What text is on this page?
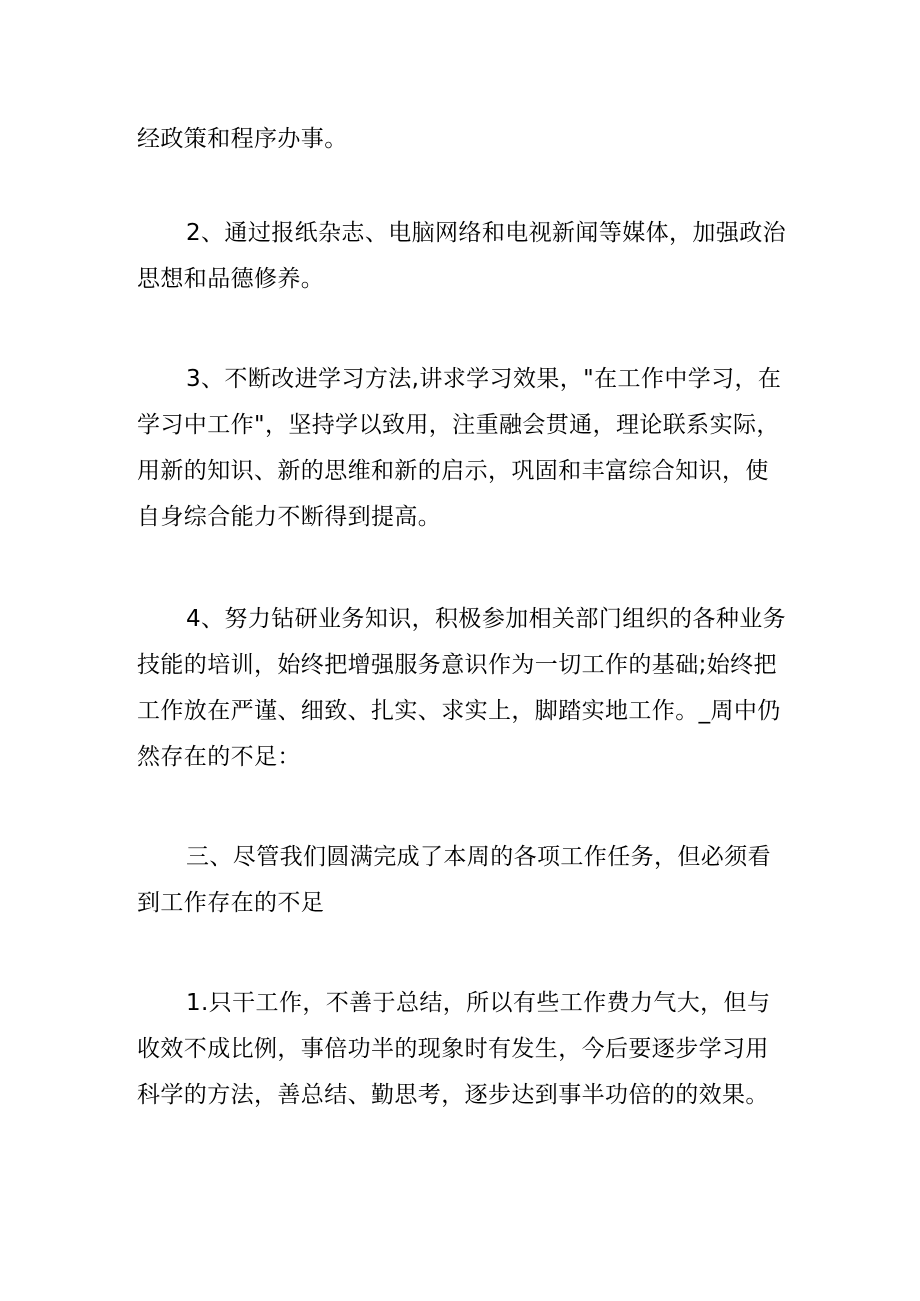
经政策和程序办事。
2、通过报纸杂志、电脑网络和电视新闻等媒体，加强政治
思想和品德修养。
3、不断改进学习方法,讲求学习效果，"在工作中学习，在
学习中工作"，坚持学以致用，注重融会贯通，理论联系实际，
用新的知识、新的思维和新的启示，巩固和丰富综合知识，使
自身综合能力不断得到提高。
4、努力钻研业务知识，积极参加相关部门组织的各种业务
技能的培训，始终把增强服务意识作为一切工作的基础;始终把
工作放在严谨、细致、扎实、求实上，脚踏实地工作。_周中仍
然存在的不足：
三、尽管我们圆满完成了本周的各项工作任务，但必须看
到工作存在的不足
1.只干工作，不善于总结，所以有些工作费力气大，但与
收效不成比例，事倍功半的现象时有发生，今后要逐步学习用
科学的方法，善总结、勤思考，逐步达到事半功倍的的效果。
